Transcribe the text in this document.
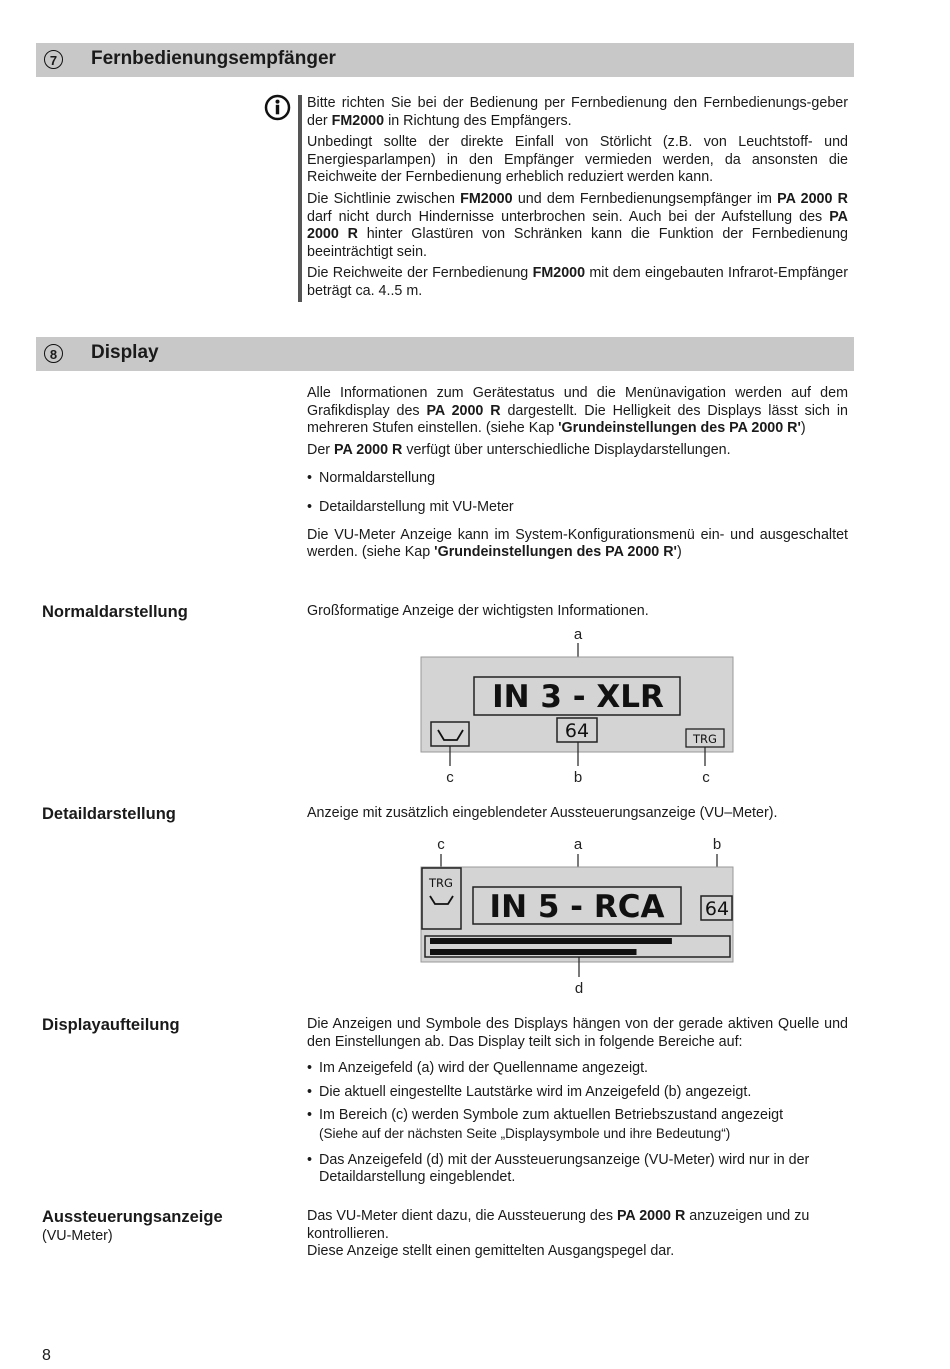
7	Fernbedienungsempfänger

Bitte richten Sie bei der Bedienung per Fernbedienung den Fernbedienungs-geber der FM2000 in Richtung des Empfängers.

Unbedingt sollte der direkte Einfall von Störlicht (z.B. von Leuchtstoff- und Energiesparlampen) in den Empfänger vermieden werden, da ansonsten die Reichweite der Fernbedienung erheblich reduziert werden kann.

Die Sichtlinie zwischen FM2000 und dem Fernbedienungsempfänger im PA 2000 R darf nicht durch Hindernisse unterbrochen sein. Auch bei der Aufstellung des PA 2000 R hinter Glastüren von Schränken kann die Funktion der Fernbedienung beeinträchtigt sein.

Die Reichweite der Fernbedienung FM2000 mit dem eingebauten Infrarot-Empfänger beträgt ca. 4..5 m.

8	Display

Alle Informationen zum Gerätestatus und die Menünavigation werden auf dem Grafikdisplay des PA 2000 R dargestellt. Die Helligkeit des Displays lässt sich in mehreren Stufen einstellen. (siehe Kap 'Grundeinstellungen des PA 2000 R')

Der PA 2000 R verfügt über unterschiedliche Displaydarstellungen.

• Normaldarstellung
• Detaildarstellung mit VU-Meter

Die VU-Meter Anzeige kann im System-Konfigurationsmenü ein- und ausgeschaltet werden. (siehe Kap 'Grundeinstellungen des PA 2000 R')

Normaldarstellung	Großformatige Anzeige der wichtigsten Informationen.
a
IN 3 - XLR
64	TRG
c	b	c
Detaildarstellung	Anzeige mit zusätzlich eingeblendeter Aussteuerungsanzeige (VU–Meter).
c	a	b
TRG
IN 5 - RCA 64
d
Displayaufteilung	Die Anzeigen und Symbole des Displays hängen von der gerade aktiven Quelle und den Einstellungen ab. Das Display teilt sich in folgende Bereiche auf:

• Im Anzeigefeld (a) wird der Quellenname angezeigt.
• Die aktuell eingestellte Lautstärke wird im Anzeigefeld (b) angezeigt.
• Im Bereich (c) werden Symbole zum aktuellen Betriebszustand angezeigt
(Siehe auf der nächsten Seite „Displaysymbole und ihre Bedeutung“)
• Das Anzeigefeld (d) mit der Aussteuerungsanzeige (VU-Meter) wird nur in der Detaildarstellung eingeblendet.
Aussteuerungsanzeige
(VU-Meter)

Das VU-Meter dient dazu, die Aussteuerung des PA 2000 R anzuzeigen und zu kontrollieren.

Diese Anzeige stellt einen gemittelten Ausgangspegel dar.

8
